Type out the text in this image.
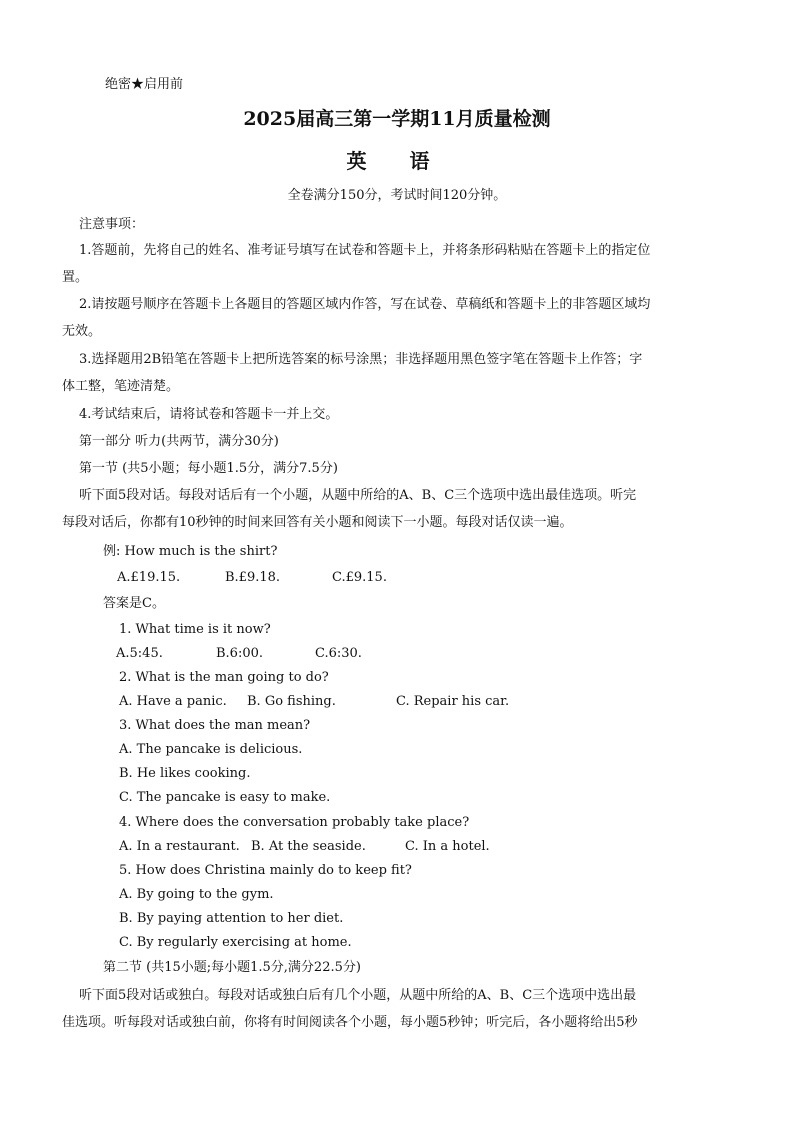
绝密★启用前
2025届高三第一学期11月质量检测
英 语
全卷满分150分，考试时间120分钟。
注意事项：
1.答题前，先将自己的姓名、准考证号填写在试卷和答题卡上，并将条形码粘贴在答题卡上的指定位
置。
2.请按题号顺序在答题卡上各题目的答题区域内作答，写在试卷、草稿纸和答题卡上的非答题区域均
无效。
3.选择题用2B铅笔在答题卡上把所选答案的标号涂黑；非选择题用黑色签字笔在答题卡上作答；字
体工整，笔迹清楚。
4.考试结束后，请将试卷和答题卡一并上交。
第一部分 听力(共两节，满分30分)
第一节 (共5小题；每小题1.5分，满分7.5分)
听下面5段对话。每段对话后有一个小题，从题中所给的A、B、C三个选项中选出最佳选项。听完
每段对话后，你都有10秒钟的时间来回答有关小题和阅读下一小题。每段对话仅读一遍。
例: How much is the shirt?
A.£19.15.	B.£9.18.	C.£9.15.
答案是C。
1. What time is it now?
A.5:45.	B.6:00.	C.6:30.
2. What is the man going to do?
A. Have a panic. B. Go fishing.	C. Repair his car.
3. What does the man mean?
A. The pancake is delicious.
B. He likes cooking.
C. The pancake is easy to make.
4. Where does the conversation probably take place?
A. In a restaurant. B. At the seaside.	C. In a hotel.
5. How does Christina mainly do to keep fit?
A. By going to the gym.
B. By paying attention to her diet.
C. By regularly exercising at home.
第二节 (共15小题;每小题1.5分,满分22.5分)
听下面5段对话或独白。每段对话或独白后有几个小题，从题中所给的A、B、C三个选项中选出最
佳选项。听每段对话或独白前，你将有时间阅读各个小题，每小题5秒钟；听完后，各小题将给出5秒
